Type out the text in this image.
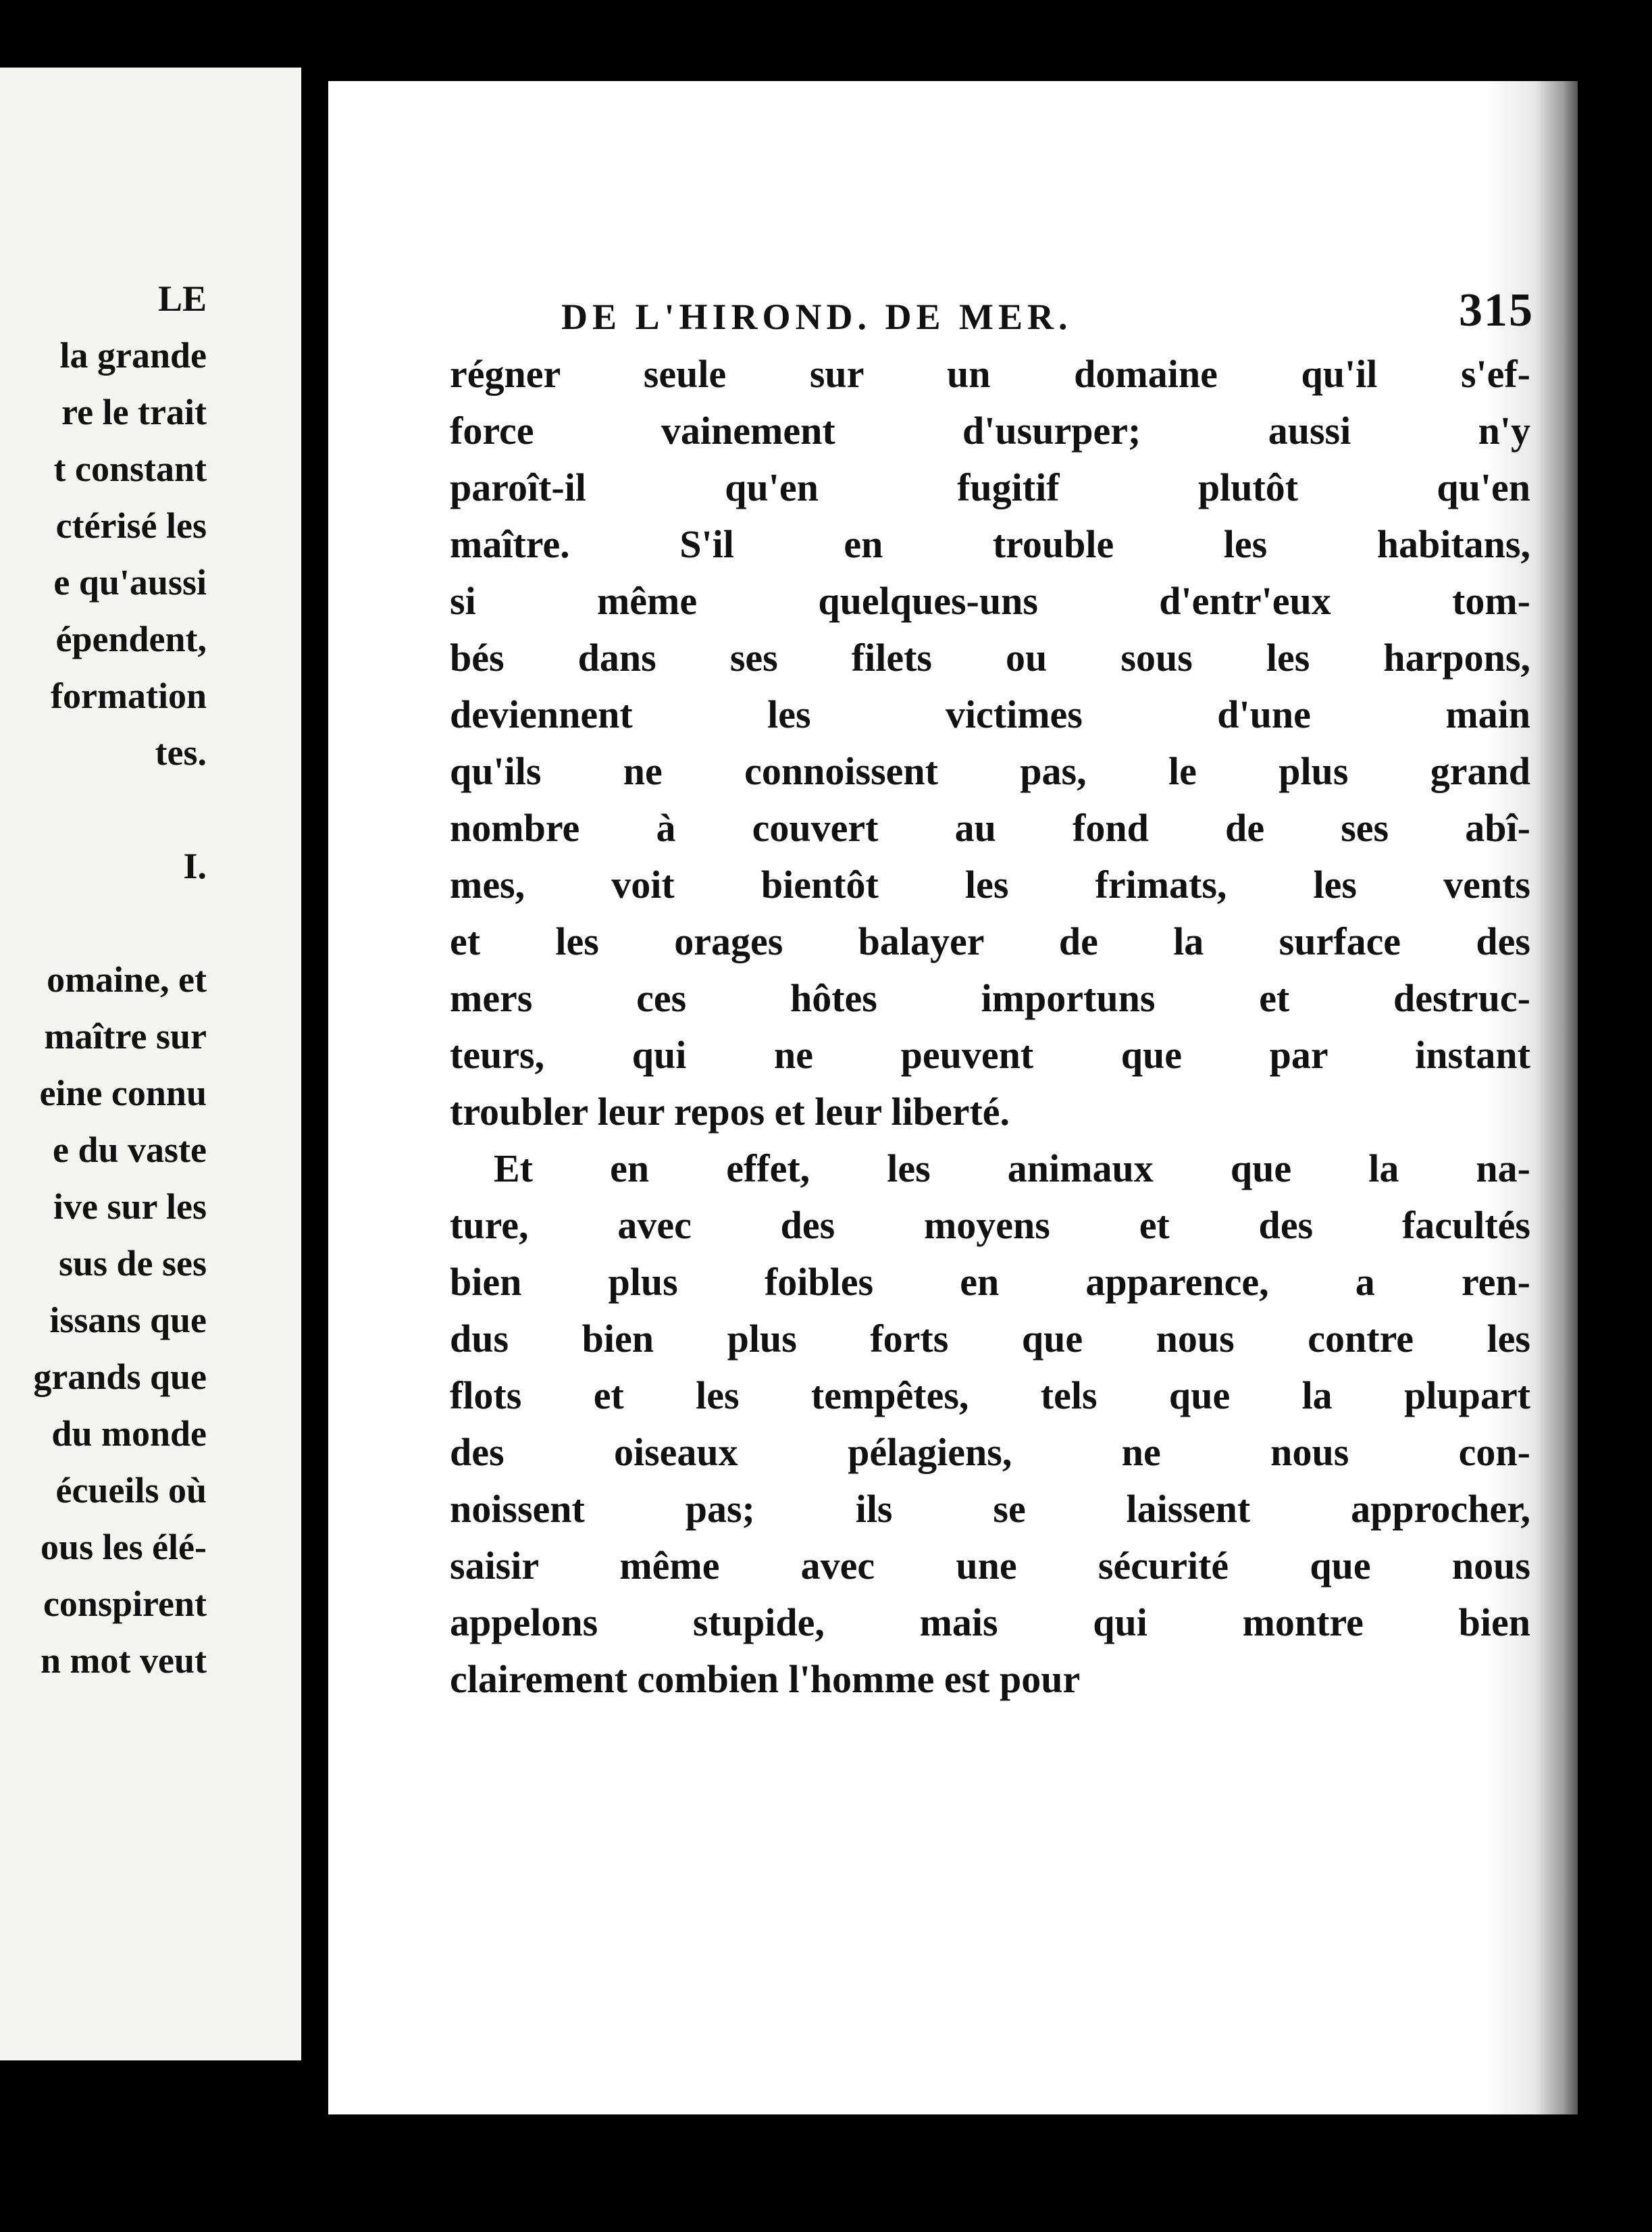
LE
la grande
re le trait
t constant
ctérisé les
e qu'aussi
épendent,
formation
tes.
I.
omaine, et
maître sur
eine connu
e du vaste
ive sur les
sus de ses
issans que
grands que
du monde
écueils où
ous les élé-
conspirent
n mot veut
DE L'HIROND. DE MER.	315
régner seule sur un domaine qu'il s'ef-
force vainement d'usurper; aussi n'y
paroît-il qu'en fugitif plutôt qu'en
maître. S'il en trouble les habitans,
si même quelques-uns d'entr'eux tom-
bés dans ses filets ou sous les harpons,
deviennent les victimes d'une main
qu'ils ne connoissent pas, le plus grand
nombre à couvert au fond de ses abî-
mes, voit bientôt les frimats, les vents
et les orages balayer de la surface des
mers ces hôtes importuns et destruc-
teurs, qui ne peuvent que par instant
troubler leur repos et leur liberté.
Et en effet, les animaux que la na-
ture, avec des moyens et des facultés
bien plus foibles en apparence, a ren-
dus bien plus forts que nous contre les
flots et les tempêtes, tels que la plupart
des oiseaux pélagiens, ne nous con-
noissent pas; ils se laissent approcher,
saisir même avec une sécurité que nous
appelons stupide, mais qui montre bien
clairement combien l'homme est pour
